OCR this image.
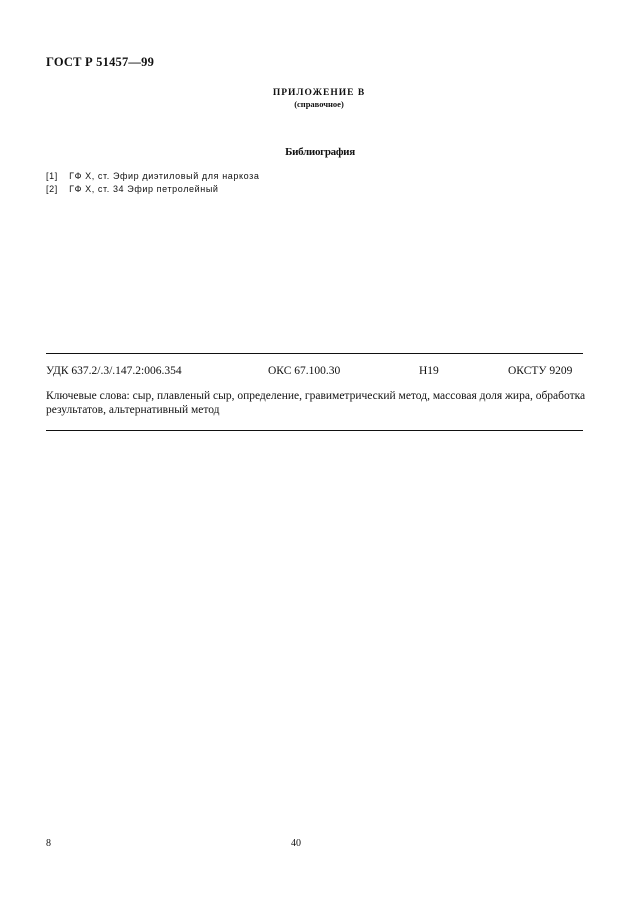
ГОСТ Р 51457—99
ПРИЛОЖЕНИЕ В
(справочное)
Библиография
[1] ГФ X, ст. Эфир диэтиловый для наркоза
[2] ГФ X, ст. 34 Эфир петролейный
УДК 637.2/.3/.147.2:006.354	ОКС 67.100.30	Н19	ОКСТУ 9209
Ключевые слова: сыр, плавленый сыр, определение, гравиметрический метод, массовая доля жира, обработка результатов, альтернативный метод
8	40
